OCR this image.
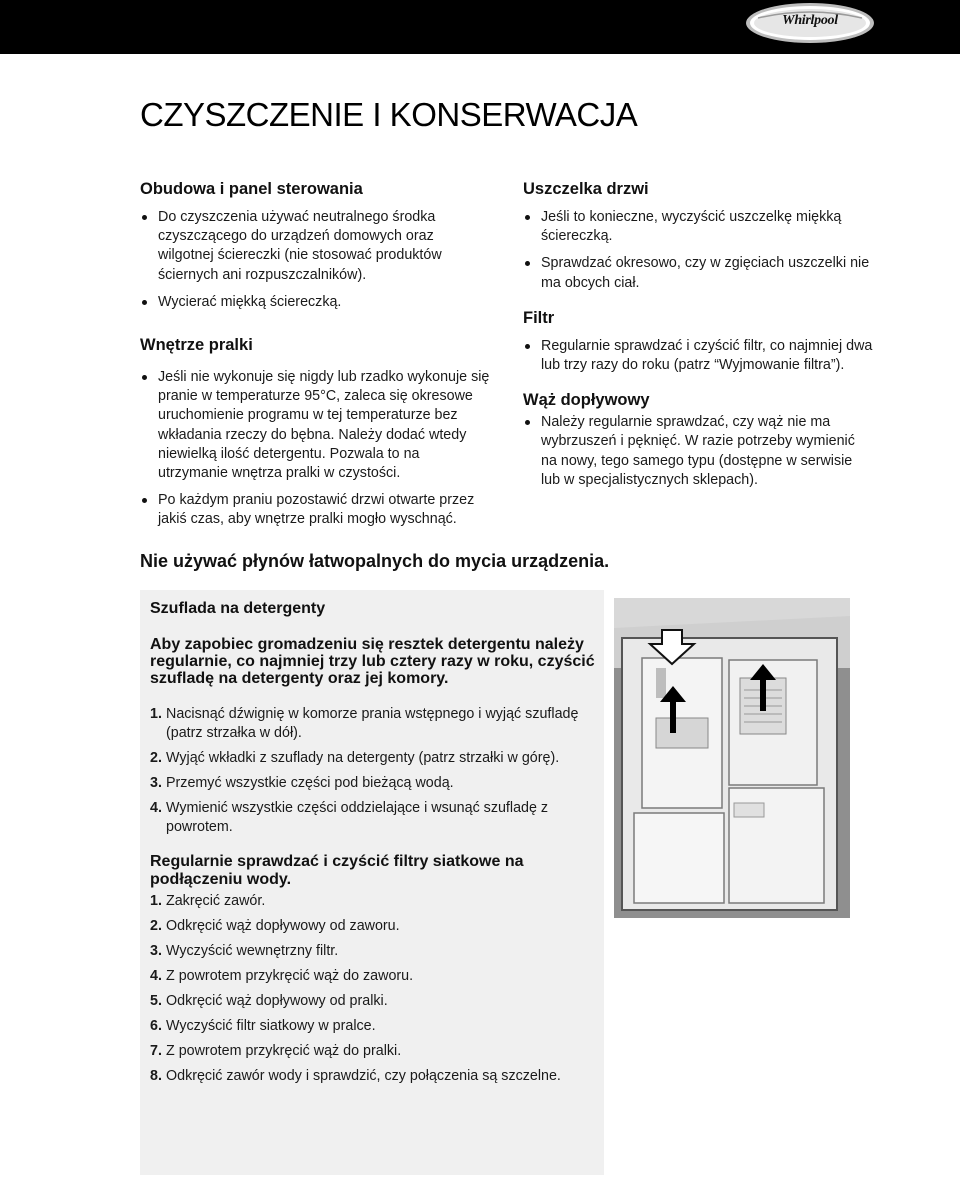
Whirlpool
CZYSZCZENIE I KONSERWACJA
Obudowa i panel sterowania
Do czyszczenia używać neutralnego środka czyszczącego do urządzeń domowych oraz wilgotnej ściereczki (nie stosować produktów ściernych ani rozpuszczalników).
Wycierać miękką ściereczką.
Wnętrze pralki
Jeśli nie wykonuje się nigdy lub rzadko wykonuje się pranie w temperaturze 95°C, zaleca się okresowe uruchomienie programu w tej temperaturze bez wkładania rzeczy do bębna. Należy dodać wtedy niewielką ilość detergentu. Pozwala to na utrzymanie wnętrza pralki w czystości.
Po każdym praniu pozostawić drzwi otwarte przez jakiś czas, aby wnętrze pralki mogło wyschnąć.
Uszczelka drzwi
Jeśli to konieczne, wyczyścić uszczelkę miękką ściereczką.
Sprawdzać okresowo, czy w zgięciach uszczelki nie ma obcych ciał.
Filtr
Regularnie sprawdzać i czyścić filtr, co najmniej dwa lub trzy razy do roku (patrz “Wyjmowanie filtra”).
Wąż dopływowy
Należy regularnie sprawdzać, czy wąż nie ma wybrzuszeń i pęknięć. W razie potrzeby wymienić na nowy, tego samego typu (dostępne w serwisie lub w specjalistycznych sklepach).

Nie używać płynów łatwopalnych do mycia urządzenia.

Szuflada na detergenty

Aby zapobiec gromadzeniu się resztek detergentu należy regularnie, co najmniej trzy lub cztery razy w roku, czyścić szufladę na detergenty oraz jej komory.

1. Nacisnąć dźwignię w komorze prania wstępnego i wyjąć szufladę (patrz strzałka w dół).
2. Wyjąć wkładki z szuflady na detergenty (patrz strzałki w górę).
3. Przemyć wszystkie części pod bieżącą wodą.
4. Wymienić wszystkie części oddzielające i wsunąć szufladę z powrotem.

Regularnie sprawdzać i czyścić filtry siatkowe na podłączeniu wody.

1. Zakręcić zawór.
2. Odkręcić wąż dopływowy od zaworu.
3. Wyczyścić wewnętrzny filtr.
4. Z powrotem przykręcić wąż do zaworu.
5. Odkręcić wąż dopływowy od pralki.
6. Wyczyścić filtr siatkowy w pralce.
7. Z powrotem przykręcić wąż do pralki.
8. Odkręcić zawór wody i sprawdzić, czy połączenia są szczelne.
